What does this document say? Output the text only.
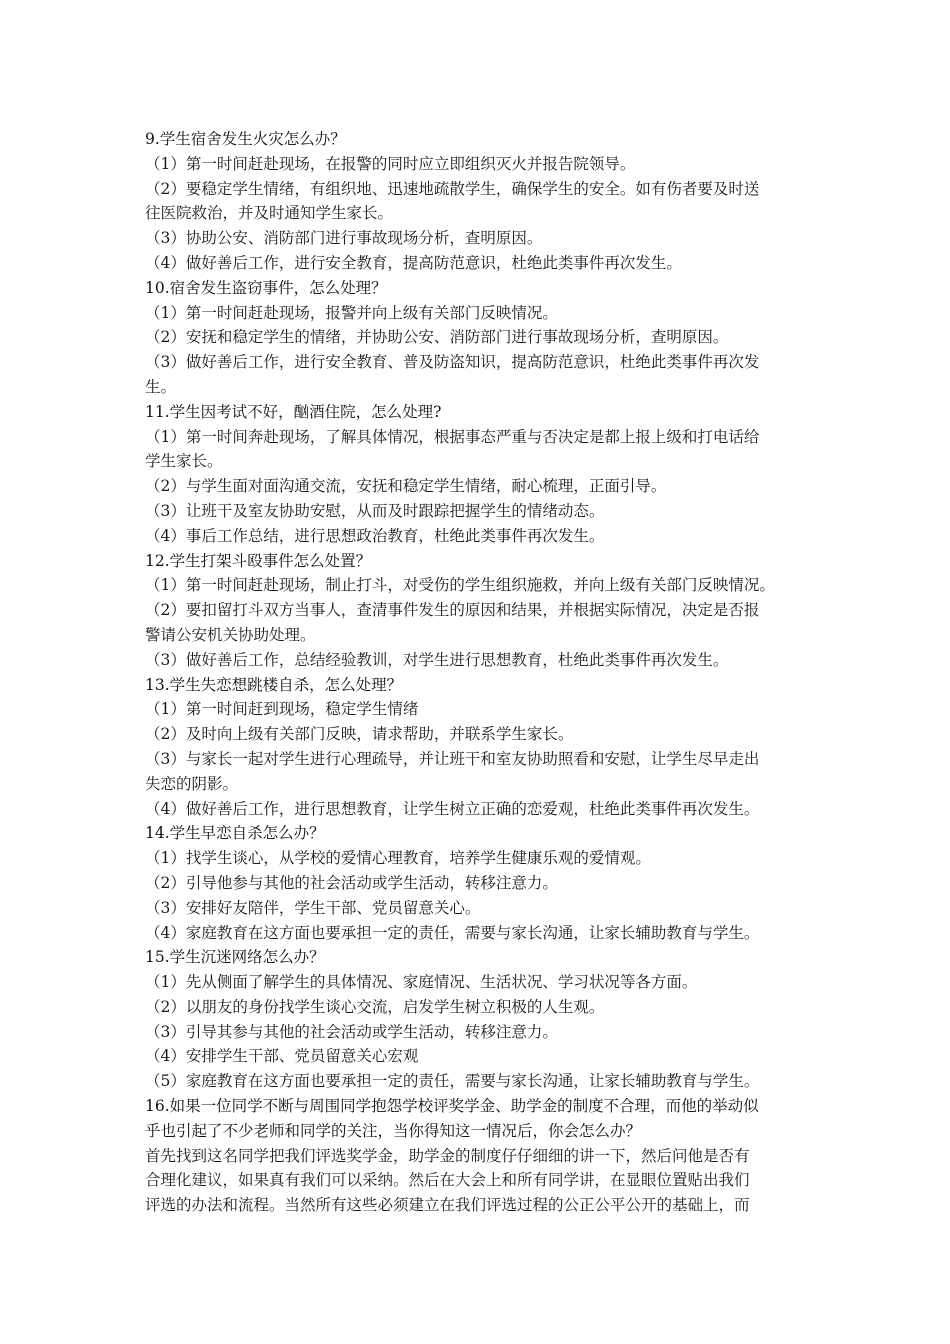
9.学生宿舍发生火灾怎么办？
（1）第一时间赶赴现场，在报警的同时应立即组织灭火并报告院领导。
（2）要稳定学生情绪，有组织地、迅速地疏散学生，确保学生的安全。如有伤者要及时送
往医院救治，并及时通知学生家长。
（3）协助公安、消防部门进行事故现场分析，查明原因。
（4）做好善后工作，进行安全教育，提高防范意识，杜绝此类事件再次发生。
10.宿舍发生盗窃事件，怎么处理？
（1）第一时间赶赴现场，报警并向上级有关部门反映情况。
（2）安抚和稳定学生的情绪，并协助公安、消防部门进行事故现场分析，查明原因。
（3）做好善后工作，进行安全教育、普及防盗知识，提高防范意识，杜绝此类事件再次发
生。
11.学生因考试不好，酗酒住院，怎么处理?
（1）第一时间奔赴现场，了解具体情况，根据事态严重与否决定是都上报上级和打电话给
学生家长。
（2）与学生面对面沟通交流，安抚和稳定学生情绪，耐心梳理，正面引导。
（3）让班干及室友协助安慰，从而及时跟踪把握学生的情绪动态。
（4）事后工作总结，进行思想政治教育，杜绝此类事件再次发生。
12.学生打架斗殴事件怎么处置？
（1）第一时间赶赴现场，制止打斗，对受伤的学生组织施救，并向上级有关部门反映情况。
（2）要扣留打斗双方当事人，查清事件发生的原因和结果，并根据实际情况，决定是否报
警请公安机关协助处理。
（3）做好善后工作，总结经验教训，对学生进行思想教育，杜绝此类事件再次发生。
13.学生失恋想跳楼自杀，怎么处理？
（1）第一时间赶到现场，稳定学生情绪
（2）及时向上级有关部门反映，请求帮助，并联系学生家长。
（3）与家长一起对学生进行心理疏导，并让班干和室友协助照看和安慰，让学生尽早走出
失恋的阴影。
（4）做好善后工作，进行思想教育，让学生树立正确的恋爱观，杜绝此类事件再次发生。
14.学生早恋自杀怎么办？
（1）找学生谈心，从学校的爱情心理教育，培养学生健康乐观的爱情观。
（2）引导他参与其他的社会活动或学生活动，转移注意力。
（3）安排好友陪伴，学生干部、党员留意关心。
（4）家庭教育在这方面也要承担一定的责任，需要与家长沟通，让家长辅助教育与学生。
15.学生沉迷网络怎么办？
（1）先从侧面了解学生的具体情况、家庭情况、生活状况、学习状况等各方面。
（2）以朋友的身份找学生谈心交流，启发学生树立积极的人生观。
（3）引导其参与其他的社会活动或学生活动，转移注意力。
（4）安排学生干部、党员留意关心宏观
（5）家庭教育在这方面也要承担一定的责任，需要与家长沟通，让家长辅助教育与学生。
16.如果一位同学不断与周围同学抱怨学校评奖学金、助学金的制度不合理，而他的举动似
乎也引起了不少老师和同学的关注，当你得知这一情况后，你会怎么办？
首先找到这名同学把我们评选奖学金，助学金的制度仔仔细细的讲一下，然后问他是否有
合理化建议，如果真有我们可以采纳。然后在大会上和所有同学讲，在显眼位置贴出我们
评选的办法和流程。当然所有这些必须建立在我们评选过程的公正公平公开的基础上，而
